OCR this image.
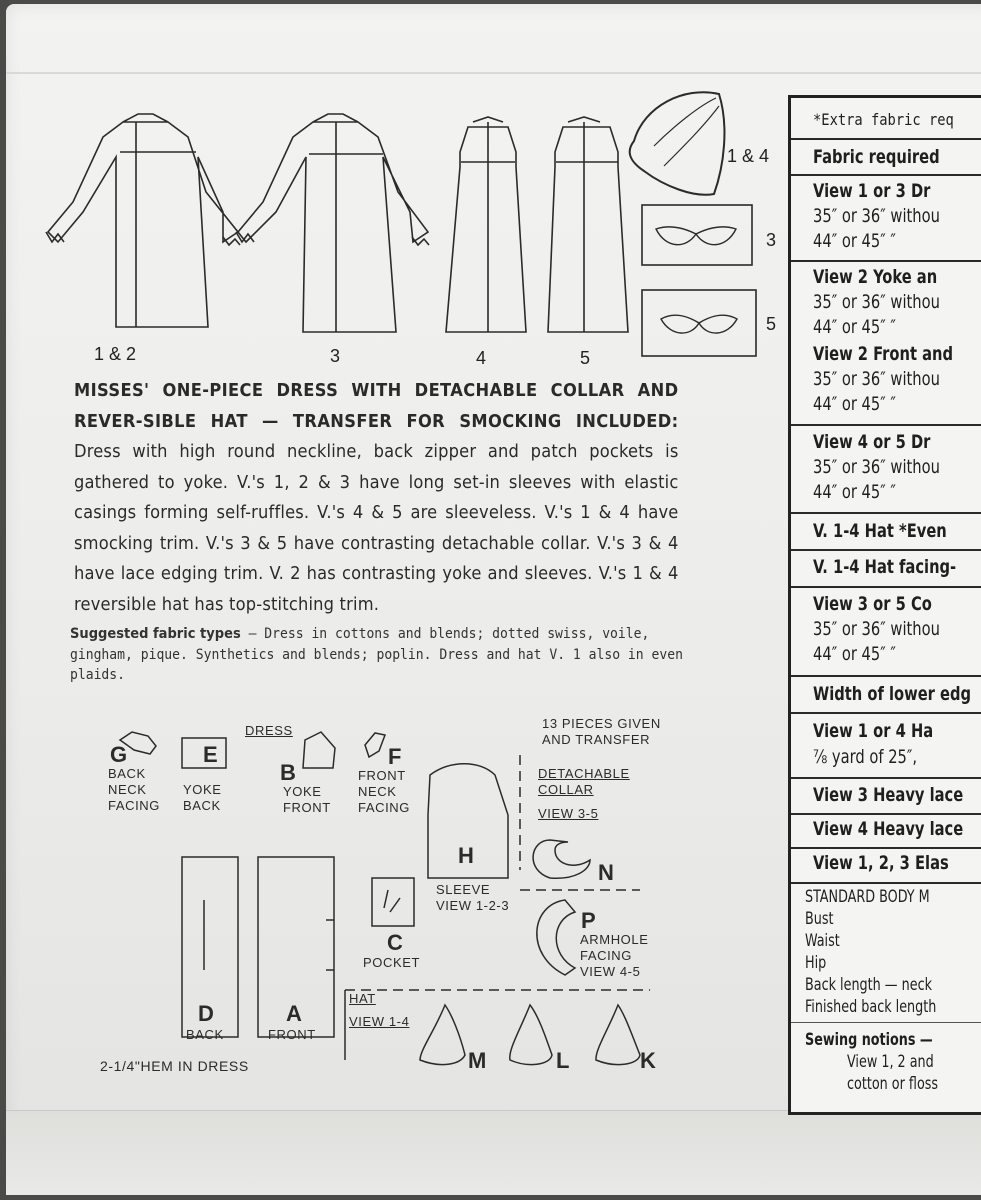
1 & 4
3
5
1 & 2	3	4	5
MISSES' ONE-PIECE DRESS WITH DETACHABLE COLLAR AND REVER-SIBLE HAT — TRANSFER FOR SMOCKING INCLUDED: Dress with high round neckline, back zipper and patch pockets is gathered to yoke. V.'s 1, 2 & 3 have long set-in sleeves with elastic casings forming self-ruffles. V.'s 4 & 5 are sleeveless. V.'s 1 & 4 have smocking trim. V.'s 3 & 5 have contrasting detachable collar. V.'s 3 & 4 have lace edging trim. V. 2 has contrasting yoke and sleeves. V.'s 1 & 4 reversible hat has top-stitching trim.
Suggested fabric types — Dress in cottons and blends; dotted swiss, voile, gingham, pique. Synthetics and blends; poplin. Dress and hat V. 1 also in even plaids.
DRESS	13 PIECES GIVEN AND TRANSFER
G
BACK NECK FACING
E
YOKE BACK
B
YOKE FRONT
F
FRONT NECK FACING
H
SLEEVE
VIEW 1-2-3
DETACHABLE COLLAR
VIEW 3-5
N
C
POCKET
P
ARMHOLE FACING
VIEW 4-5
D
BACK
A
FRONT
HAT
VIEW 1-4
M	L	K
2-1/4"HEM IN DRESS
*Extra fabric req
Fabric required
View 1 or 3 Dr
35″ or 36″ withou
44″ or 45″ ″
View 2 Yoke an
35″ or 36″ withou
44″ or 45″ ″
View 2 Front and
35″ or 36″ withou
44″ or 45″ ″
View 4 or 5 Dr
35″ or 36″ withou
44″ or 45″ ″
V. 1-4 Hat *Even
V. 1-4 Hat facing-
View 3 or 5 Co
35″ or 36″ withou
44″ or 45″ ″
Width of lower edg
View 1 or 4 Ha
⅞ yard of 25″,
View 3 Heavy lace
View 4 Heavy lace
View 1, 2, 3 Elas
STANDARD BODY M
Bust
Waist
Hip
Back length — neck
Finished back length
Sewing notions —
View 1, 2 and
cotton or floss
